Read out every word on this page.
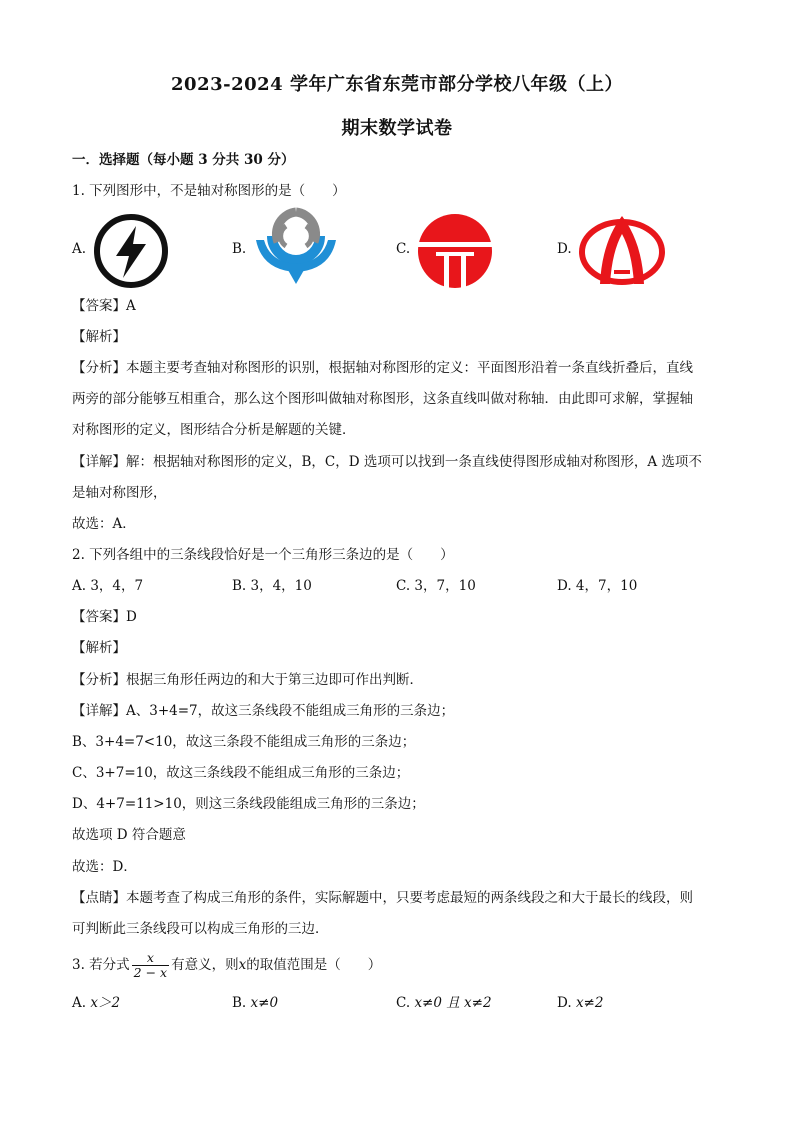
2023-2024 学年广东省东莞市部分学校八年级（上）
期末数学试卷
一．选择题（每小题 3 分共 30 分）
1. 下列图形中，不是轴对称图形的是（　　）
A.	B.	C.	D.
【答案】A
【解析】
【分析】本题主要考查轴对称图形的识别，根据轴对称图形的定义：平面图形沿着一条直线折叠后，直线
两旁的部分能够互相重合，那么这个图形叫做轴对称图形，这条直线叫做对称轴．由此即可求解，掌握轴
对称图形的定义，图形结合分析是解题的关键．
【详解】解：根据轴对称图形的定义，B，C，D 选项可以找到一条直线使得图形成轴对称图形，A 选项不
是轴对称图形，
故选：A．
2. 下列各组中的三条线段恰好是一个三角形三条边的是（　　）
A. 3，4，7	B. 3，4，10	C. 3，7，10	D. 4，7，10
【答案】D
【解析】
【分析】根据三角形任两边的和大于第三边即可作出判断．
【详解】A、3+4=7，故这三条线段不能组成三角形的三条边；
B、3+4=7<10，故这三条段不能组成三角形的三条边；
C、3+7=10，故这三条线段不能组成三角形的三条边；
D、4+7=11>10，则这三条线段能组成三角形的三条边；
故选项 D 符合题意
故选：D．
【点睛】本题考查了构成三角形的条件，实际解题中，只要考虑最短的两条线段之和大于最长的线段，则
可判断此三条线段可以构成三角形的三边．
3. 若分式 $\frac{x}{2 - x}$ 有意义，则x的取值范围是（　　）
A. x＞2	B. x≠0	C. x≠0 且 x≠2	D. x≠2
